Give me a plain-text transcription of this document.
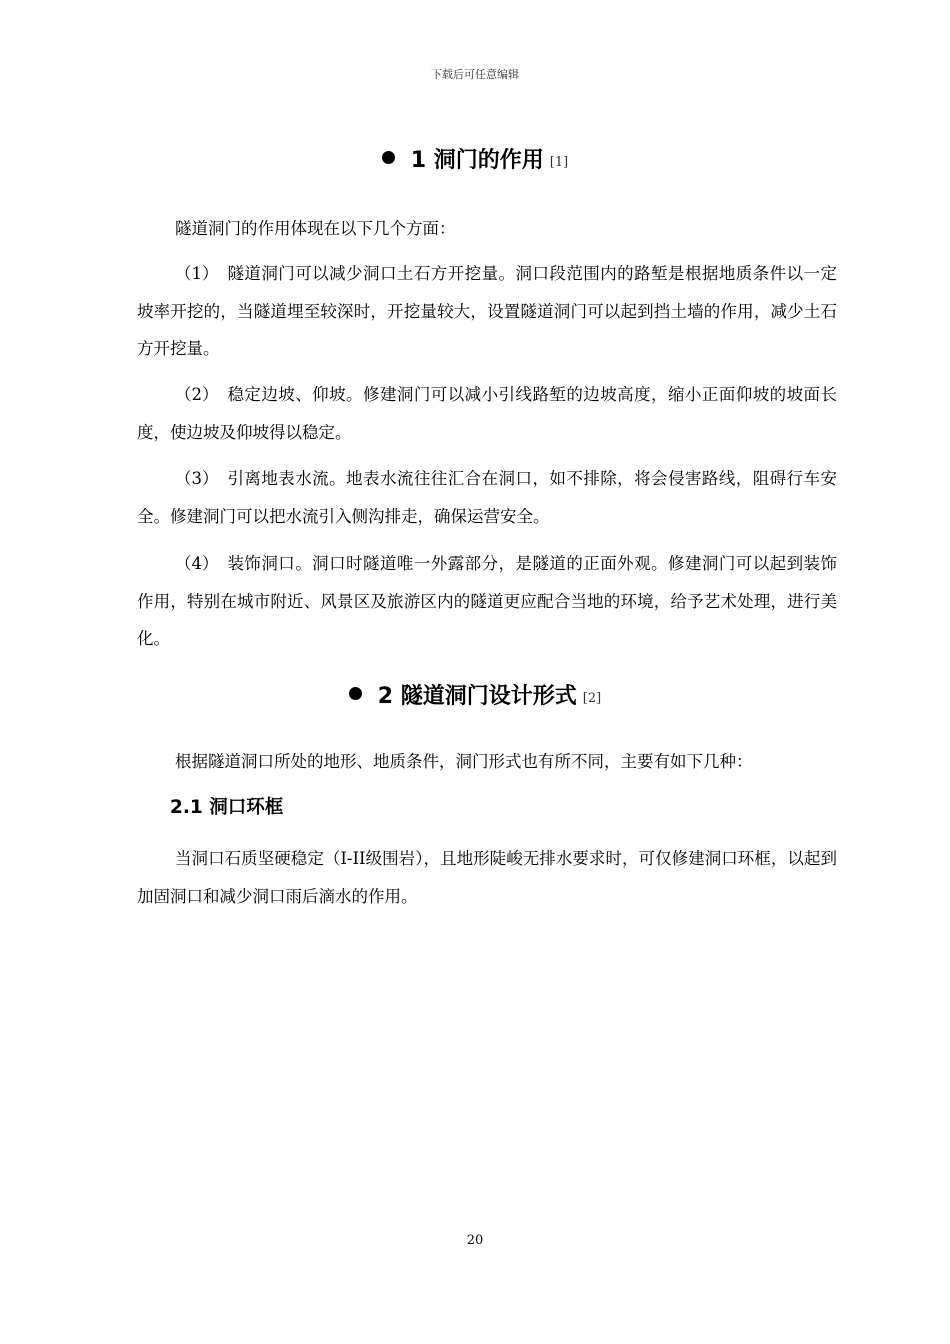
下载后可任意编辑
1 洞门的作用 [1]

隧道洞门的作用体现在以下几个方面：

（1） 隧道洞门可以减少洞口土石方开挖量。洞口段范围内的路堑是根据地质条件以一定坡率开挖的，当隧道埋至较深时，开挖量较大，设置隧道洞门可以起到挡土墙的作用，减少土石方开挖量。

（2） 稳定边坡、仰坡。修建洞门可以减小引线路堑的边坡高度，缩小正面仰坡的坡面长度，使边坡及仰坡得以稳定。

（3） 引离地表水流。地表水流往往汇合在洞口，如不排除，将会侵害路线，阻碍行车安全。修建洞门可以把水流引入侧沟排走，确保运营安全。

（4） 装饰洞口。洞口时隧道唯一外露部分，是隧道的正面外观。修建洞门可以起到装饰作用，特别在城市附近、风景区及旅游区内的隧道更应配合当地的环境，给予艺术处理，进行美化。

2 隧道洞门设计形式 [2]

根据隧道洞口所处的地形、地质条件，洞门形式也有所不同，主要有如下几种：

2.1 洞口环框

当洞口石质坚硬稳定（I-II级围岩），且地形陡峻无排水要求时，可仅修建洞口环框，以起到加固洞口和减少洞口雨后滴水的作用。

20
